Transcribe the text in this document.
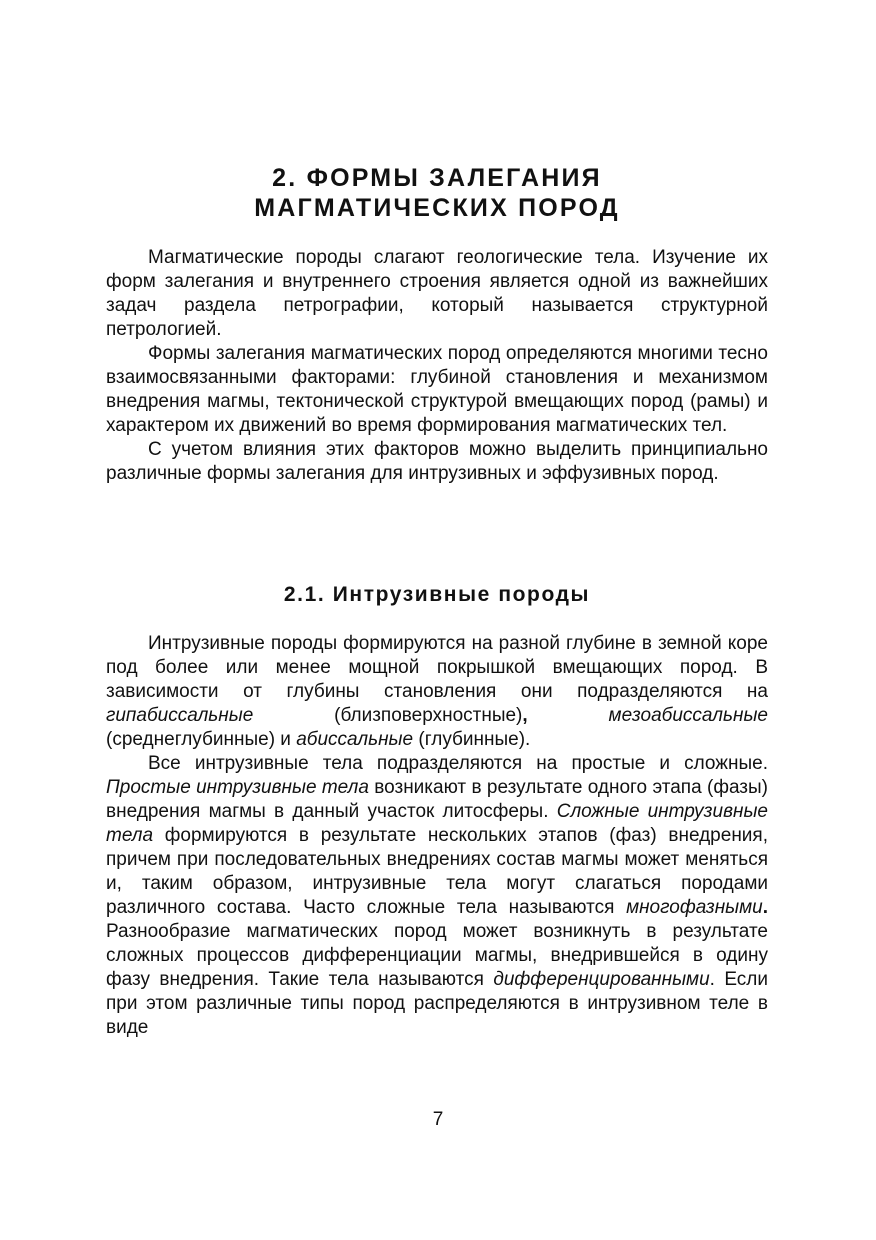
2. ФОРМЫ ЗАЛЕГАНИЯ
МАГМАТИЧЕСКИХ ПОРОД

Магматические породы слагают геологические тела. Изучение их форм залегания и внутреннего строения является одной из важнейших задач раздела петрографии, который называется структурной петрологией.

Формы залегания магматических пород определяются многими тесно взаимосвязанными факторами: глубиной становления и механизмом внедрения магмы, тектонической структурой вмещающих пород (рамы) и характером их движений во время формирования магматических тел.

С учетом влияния этих факторов можно выделить принципиально различные формы залегания для интрузивных и эффузивных пород.

2.1. Интрузивные породы

Интрузивные породы формируются на разной глубине в земной коре под более или менее мощной покрышкой вмещающих пород. В зависимости от глубины становления они подразделяются на гипабиссальные (близповерхностные),	мезоабиссальные (среднеглубинные) и абиссальные (глубинные).

Все интрузивные тела подразделяются на простые и сложные. Простые интрузивные тела возникают в результате одного этапа (фазы) внедрения магмы в данный участок литосферы. Сложные интрузивные тела формируются в результате нескольких этапов (фаз) внедрения, причем при последовательных внедрениях состав магмы может меняться и, таким образом, интрузивные тела могут слагаться породами различного состава. Часто сложные тела называются многофазными. Разнообразие магматических пород может возникнуть в результате сложных процессов дифференциации магмы, внедрившейся в одину фазу внедрения. Такие тела называются дифференцированными. Если при этом различные типы пород распределяются в интрузивном теле в виде

7
